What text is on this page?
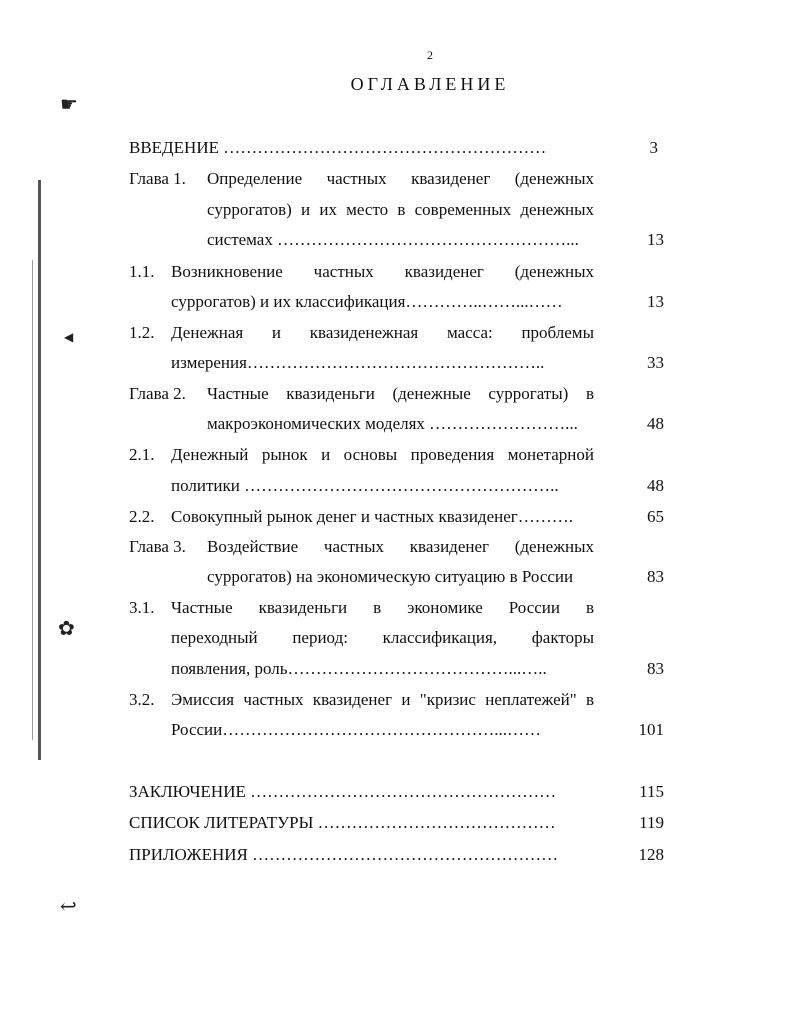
2
ОГЛАВЛЕНИЕ
☛
◀
✿
↩
ВВЕДЕНИЕ …………………………………………………	3
Глава 1. Определение частных квазиденег (денежных
суррогатов) и их место в современных денежных
системах ……………………………………………...	13
1.1. Возникновение частных квазиденег (денежных
суррогатов) и их классификация…………..……...……	13
1.2. Денежная и квазиденежная масса: проблемы
измерения……………………………………………..	33
Глава 2. Частные квазиденьги (денежные суррогаты) в
макроэкономических моделях ……………………...	48
2.1. Денежный рынок и основы проведения монетарной
политики ………………………………………………..	48
2.2. Совокупный рынок денег и частных квазиденег……….	65
Глава 3. Воздействие частных квазиденег (денежных
суррогатов) на экономическую ситуацию в России	83
3.1. Частные квазиденьги в экономике России в
переходный период: классификация, факторы
появления, роль…………………………………...…..	83
3.2. Эмиссия частных квазиденег и "кризис неплатежей" в
России…………………………………………...……	101
ЗАКЛЮЧЕНИЕ ………………………………………………	115
СПИСОК ЛИТЕРАТУРЫ ……………………………………	119
ПРИЛОЖЕНИЯ ………………………………………………	128
